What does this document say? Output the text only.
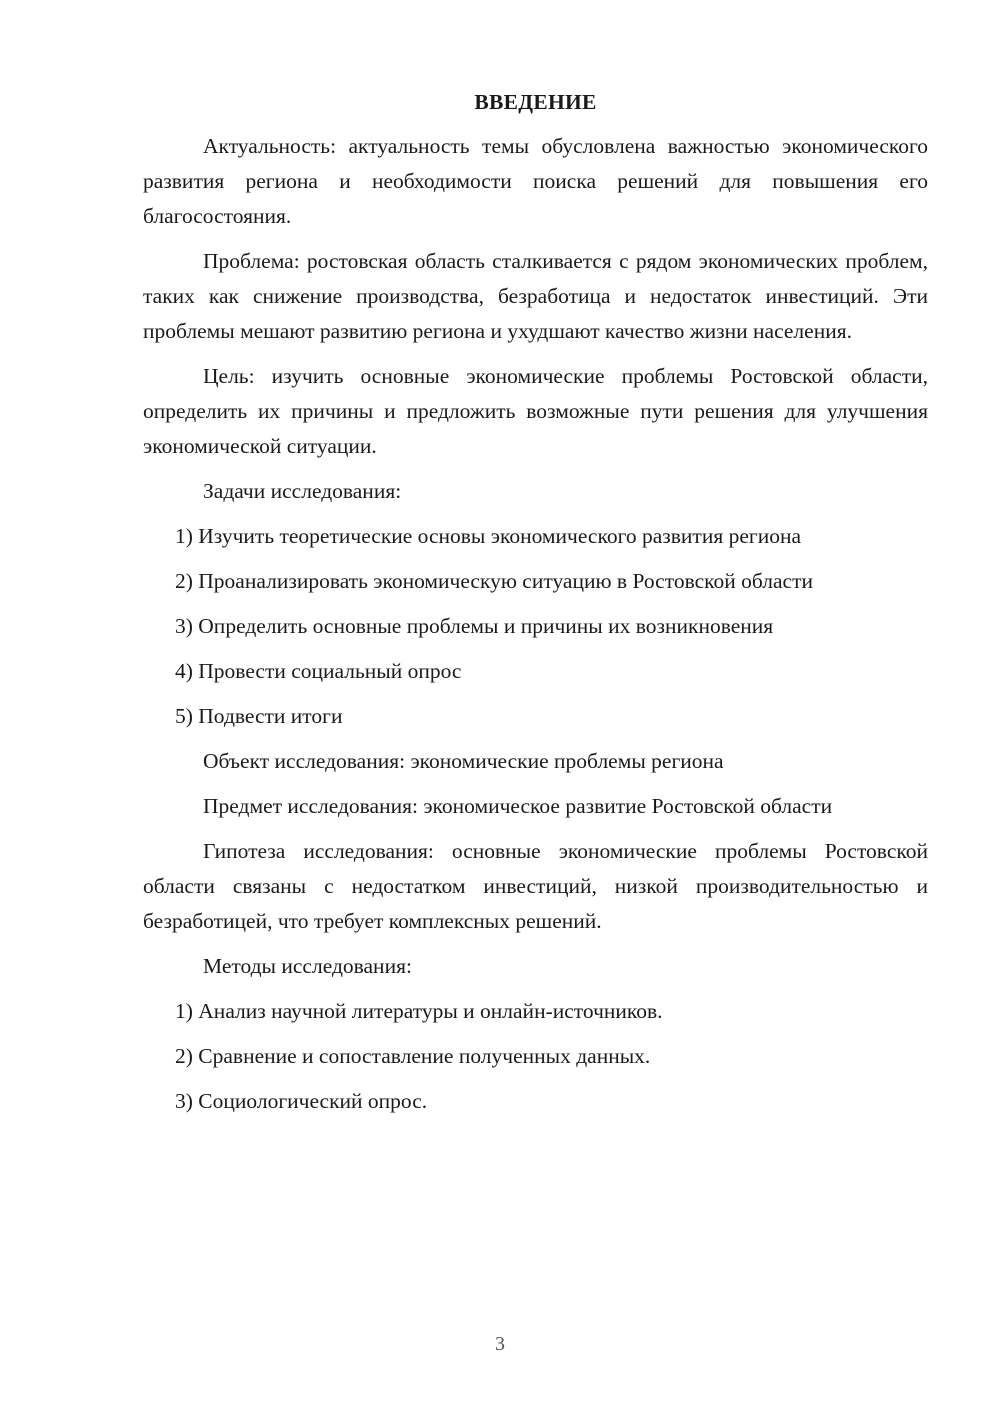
ВВЕДЕНИЕ

Актуальность: актуальность темы обусловлена важностью экономического развития региона и необходимости поиска решений для повышения его благосостояния.

Проблема: ростовская область сталкивается с рядом экономических проблем, таких как снижение производства, безработица и недостаток инвестиций. Эти проблемы мешают развитию региона и ухудшают качество жизни населения.

Цель: изучить основные экономические проблемы Ростовской области, определить их причины и предложить возможные пути решения для улучшения экономической ситуации.

Задачи исследования:

1) Изучить теоретические основы экономического развития региона
2) Проанализировать экономическую ситуацию в Ростовской области
3) Определить основные проблемы и причины их возникновения
4) Провести социальный опрос
5) Подвести итоги

Объект исследования: экономические проблемы региона

Предмет исследования: экономическое развитие Ростовской области

Гипотеза исследования: основные экономические проблемы Ростовской области связаны с недостатком инвестиций, низкой производительностью и безработицей, что требует комплексных решений.

Методы исследования:

1) Анализ научной литературы и онлайн-источников.
2) Сравнение и сопоставление полученных данных.
3) Социологический опрос.
3
